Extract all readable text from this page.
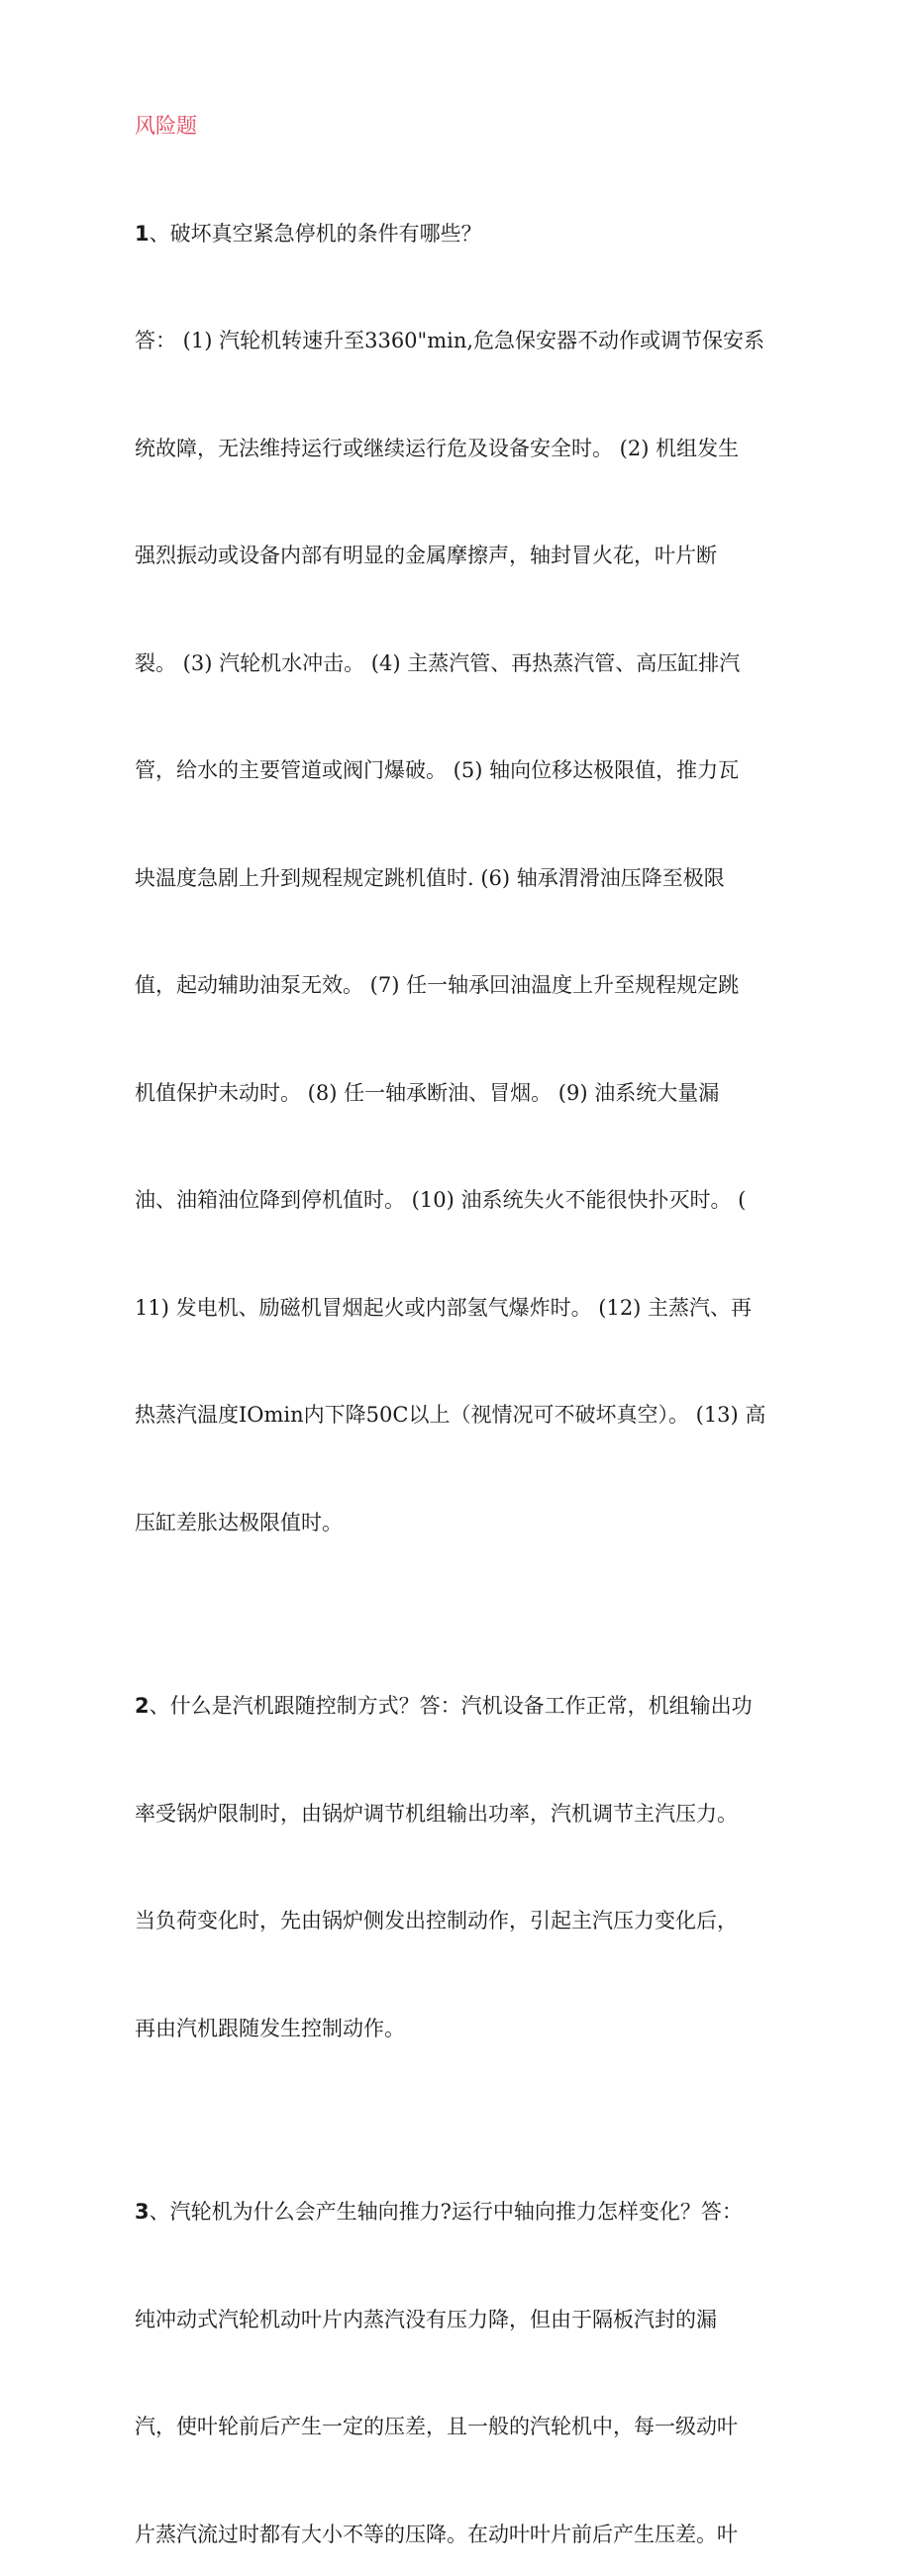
风险题

1、破坏真空紧急停机的条件有哪些？

答： (1) 汽轮机转速升至3360"min,危急保安器不动作或调节保安系

统故障，无法维持运行或继续运行危及设备安全时。 (2) 机组发生

强烈振动或设备内部有明显的金属摩擦声，轴封冒火花，叶片断

裂。 (3) 汽轮机水冲击。 (4) 主蒸汽管、再热蒸汽管、高压缸排汽

管，给水的主要管道或阀门爆破。 (5) 轴向位移达极限值，推力瓦

块温度急剧上升到规程规定跳机值时. (6) 轴承渭滑油压降至极限

值，起动辅助油泵无效。 (7) 任一轴承回油温度上升至规程规定跳

机值保护未动时。 (8) 任一轴承断油、冒烟。 (9) 油系统大量漏

油、油箱油位降到停机值时。 (10) 油系统失火不能很快扑灭时。 (

11) 发电机、励磁机冒烟起火或内部氢气爆炸时。 (12) 主蒸汽、再

热蒸汽温度IOmin内下降50C以上（视情况可不破坏真空）。 (13) 高

压缸差胀达极限值时。

2、什么是汽机跟随控制方式？答：汽机设备工作正常，机组输出功

率受锅炉限制时，由锅炉调节机组输出功率，汽机调节主汽压力。

当负荷变化时，先由锅炉侧发出控制动作，引起主汽压力变化后，

再由汽机跟随发生控制动作。

3、汽轮机为什么会产生轴向推力?运行中轴向推力怎样变化？答：

纯冲动式汽轮机动叶片内蒸汽没有压力降，但由于隔板汽封的漏

汽，使叶轮前后产生一定的压差，且一般的汽轮机中，每一级动叶

片蒸汽流过时都有大小不等的压降。在动叶叶片前后产生压差。叶
